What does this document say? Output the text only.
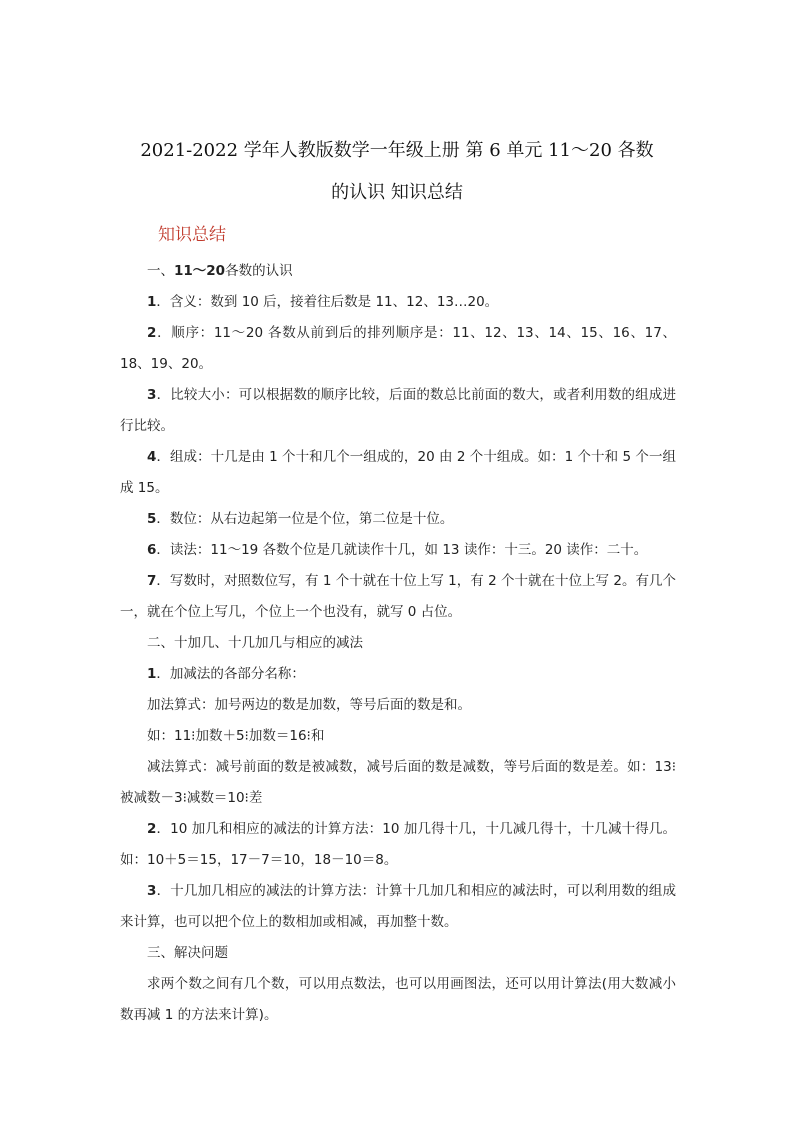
2021-2022 学年人教版数学一年级上册 第 6 单元 11～20 各数
的认识 知识总结
知识总结

一、11～20各数的认识

1．含义：数到 10 后，接着往后数是 11、12、13…20。

2．顺序：11～20 各数从前到后的排列顺序是：11、12、13、14、15、16、17、18、19、20。

3．比较大小：可以根据数的顺序比较，后面的数总比前面的数大，或者利用数的组成进行比较。

4．组成：十几是由 1 个十和几个一组成的，20 由 2 个十组成。如：1 个十和 5 个一组成 15。

5．数位：从右边起第一位是个位，第二位是十位。

6．读法：11～19 各数个位是几就读作十几，如 13 读作：十三。20 读作：二十。

7．写数时，对照数位写，有 1 个十就在十位上写 1，有 2 个十就在十位上写 2。有几个一，就在个位上写几，个位上一个也没有，就写 0 占位。

二、十加几、十几加几与相应的减法

1．加减法的各部分名称：

加法算式：加号两边的数是加数，等号后面的数是和。

如：11⁝加数＋5⁝加数＝16⁝和

减法算式：减号前面的数是被减数，减号后面的数是减数，等号后面的数是差。如：13⁝被减数－3⁝减数＝10⁝差

2．10 加几和相应的减法的计算方法：10 加几得十几，十几减几得十，十几减十得几。如：10＋5＝15，17－7＝10，18－10＝8。

3．十几加几相应的减法的计算方法：计算十几加几和相应的减法时，可以利用数的组成来计算，也可以把个位上的数相加或相减，再加整十数。

三、解决问题

求两个数之间有几个数，可以用点数法，也可以用画图法，还可以用计算法(用大数减小数再减 1 的方法来计算)。
